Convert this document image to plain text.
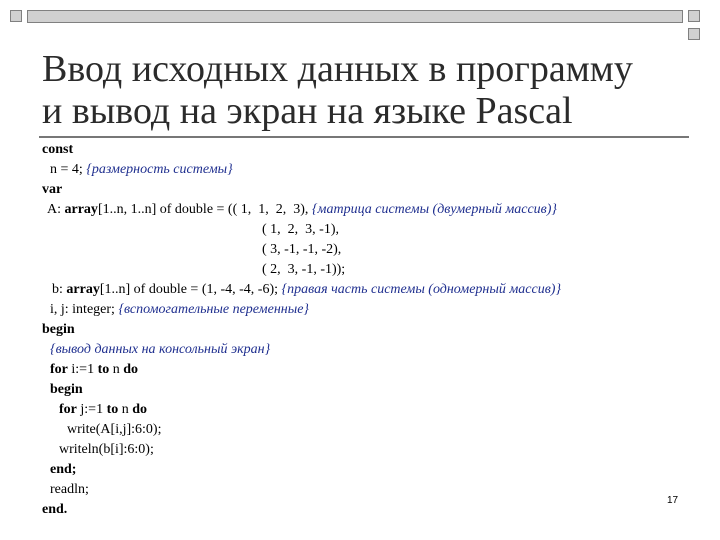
Ввод исходных данных в программу
и вывод на экран на языке Pascal
const
n = 4; {размерность системы}
var
A: array[1..n, 1..n] of double = (( 1,  1,  2,  3), {матрица системы (двумерный массив)}
( 1,  2,  3, -1),
( 3, -1, -1, -2),
( 2,  3, -1, -1));
b: array[1..n] of double = (1, -4, -4, -6); {правая часть системы (одномерный массив)}
i, j: integer; {вспомогательные переменные}
begin
{вывод данных на консольный экран}
for i:=1 to n do
begin
for j:=1 to n do
write(A[i,j]:6:0);
writeln(b[i]:6:0);
end;
readln;
end.
17
